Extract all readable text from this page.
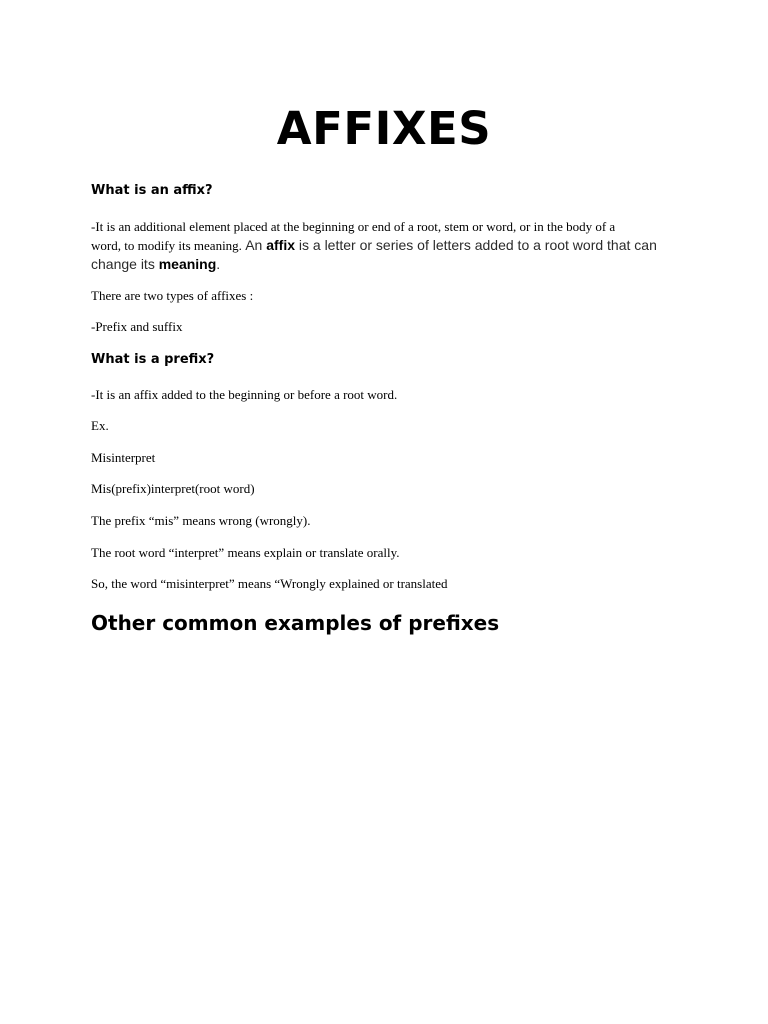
AFFIXES
What is an affix?
-It is an additional element placed at the beginning or end of a root, stem or word, or in the body of a
word, to modify its meaning. An affix is a letter or series of letters added to a root word that can
change its meaning.
There are two types of affixes :
-Prefix and suffix
What is a prefix?
-It is an affix added to the beginning or before a root word.
Ex.
Misinterpret
Mis(prefix)interpret(root word)
The prefix “mis” means wrong (wrongly).
The root word “interpret” means explain or translate orally.
So, the word “misinterpret” means “Wrongly explained or translated
Other common examples of prefixes
